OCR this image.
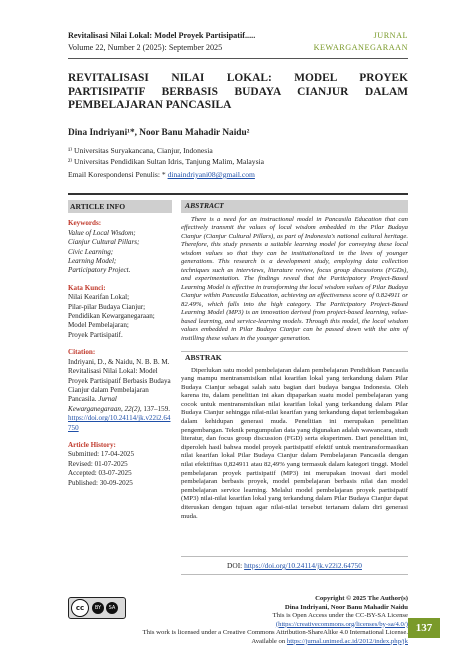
Revitalisasi Nilai Lokal: Model Proyek Partisipatif.....
Volume 22, Number 2 (2025): September 2025
JURNAL
KEWARGANEGARAAN
REVITALISASI NILAI LOKAL: MODEL PROYEK PARTISIPATIF BERBASIS BUDAYA CIANJUR DALAM PEMBELAJARAN PANCASILA
Dina Indriyani¹*, Noor Banu Mahadir Naidu²
¹⁾ Universitas Suryakancana, Cianjur, Indonesia
²⁾ Universitas Pendidikan Sultan Idris, Tanjung Malim, Malaysia
Email Korespondensi Penulis: * dinaindriyani08@gmail.com
ARTICLE INFO
Keywords:
Value of Local Wisdom;
Cianjur Cultural Pillars;
Civic Learning;
Learning Model;
Participatory Project.
Kata Kunci:
Nilai Kearifan Lokal;
Pilar-pilar Budaya Cianjur;
Pendidikan Kewarganegaraan;
Model Pembelajaran;
Proyek Partisipatif.
Citation:
Indriyani, D., & Naidu, N. B. B. M. Revitalisasi Nilai Lokal: Model Proyek Partisipatif Berbasis Budaya Cianjur dalam Pembelajaran Pancasila. Jurnal Kewarganegaraan, 22(2), 137–159. https://doi.org/10.24114/jk.v22i2.64750
Article History:
Submitted: 17-04-2025
Revised: 01-07-2025
Accepted: 03-07-2025
Published: 30-09-2025
ABSTRACT
There is a need for an instructional model in Pancasila Education that can effectively transmit the values of local wisdom embedded in the Pilar Budaya Cianjur (Cianjur Cultural Pillars), as part of Indonesia's national cultural heritage. Therefore, this study presents a suitable learning model for conveying these local wisdom values so that they can be institutionalized in the lives of younger generations. This research is a development study, employing data collection techniques such as interviews, literature review, focus group discussions (FGDs), and experimentation. The findings reveal that the Participatory Project-Based Learning Model is effective in transforming the local wisdom values of Pilar Budaya Cianjur within Pancasila Education, achieving an effectiveness score of 0.824911 or 82.49%, which falls into the high category. The Participatory Project-Based Learning Model (MP3) is an innovation derived from project-based learning, value-based learning, and service-learning models. Through this model, the local wisdom values embedded in Pilar Budaya Cianjur can be passed down with the aim of instilling these values in the younger generation.
ABSTRAK
Diperlukan satu model pembelajaran dalam pembelajaran Pendidikan Pancasila yang mampu mentransmisikan nilai kearifan lokal yang terkandung dalam Pilar Budaya Cianjur sebagai salah satu bagian dari budaya bangsa Indonesia. Oleh karena itu, dalam penelitian ini akan dipaparkan suatu model pembelajaran yang cocok untuk mentransmisikan nilai kearifan lokal yang terkandung dalam Pilar Budaya Cianjur sehingga nilai-nilai kearifan yang terkandung dapat terlembagakan dalam kehidupan generasi muda. Penelitian ini merupakan penelitian pengembangan. Teknik pengumpulan data yang digunakan adalah wawancara, studi literatur, dan focus group discussion (FGD) serta eksperimen. Dari penelitian ini, diperoleh hasil bahwa model proyek partisipatif efektif untuk mentransformasikan nilai kearifan lokal Pilar Budaya Cianjur dalam Pembelajaran Pancasila dengan nilai efektifitas 0,824911 atau 82,49% yang termasuk dalam kategori tinggi. Model pembelajaran proyek partisipatif (MP3) ini merupakan inovasi dari model pembelajaran berbasis proyek, model pembelajaran berbasis nilai dan model pembelajaran service learning. Melalui model pembelajaran proyek partisipatif (MP3) nilai-nilai kearifan lokal yang terkandung dalam Pilar Budaya Cianjur dapat diteruskan dengan tujuan agar nilai-nilai tersebut tertanam dalam diri generasi muda.
DOI: https://doi.org/10.24114/jk.v22i2.64750
cc	BY	SA
Copyright © 2025 The Author(s)
Dina Indriyani, Noor Banu Mahadir Naidu
This is Open Access under the CC-BY-SA License
(https://creativecommons.org/licenses/by-sa/4.0/)
This work is licensed under a Creative Commons Attribution-ShareAlike 4.0 International License.
Available on https://jurnal.unimed.ac.id/2012/index.php/jk
137
